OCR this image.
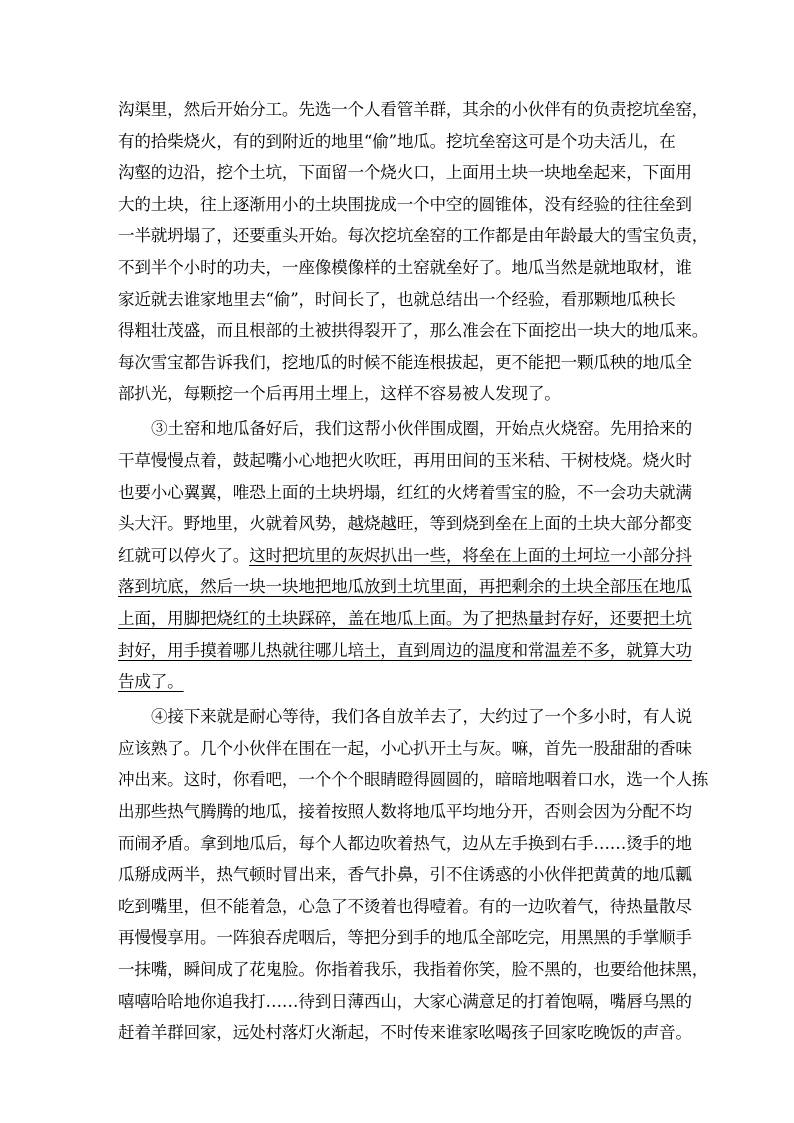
沟渠里，然后开始分工。先选一个人看管羊群，其余的小伙伴有的负责挖坑垒窑，
有的拾柴烧火，有的到附近的地里“偷”地瓜。挖坑垒窑这可是个功夫活儿，在
沟壑的边沿，挖个土坑，下面留一个烧火口，上面用土块一块地垒起来，下面用
大的土块，往上逐渐用小的土块围拢成一个中空的圆锥体，没有经验的往往垒到
一半就坍塌了，还要重头开始。每次挖坑垒窑的工作都是由年龄最大的雪宝负责，
不到半个小时的功夫，一座像模像样的土窑就垒好了。地瓜当然是就地取材，谁
家近就去谁家地里去“偷”，时间长了，也就总结出一个经验，看那颗地瓜秧长
得粗壮茂盛，而且根部的土被拱得裂开了，那么准会在下面挖出一块大的地瓜来。
每次雪宝都告诉我们，挖地瓜的时候不能连根拔起，更不能把一颗瓜秧的地瓜全
部扒光，每颗挖一个后再用土埋上，这样不容易被人发现了。
③土窑和地瓜备好后，我们这帮小伙伴围成圈，开始点火烧窑。先用拾来的
干草慢慢点着，鼓起嘴小心地把火吹旺，再用田间的玉米秸、干树枝烧。烧火时
也要小心翼翼，唯恐上面的土块坍塌，红红的火烤着雪宝的脸，不一会功夫就满
头大汗。野地里，火就着风势，越烧越旺，等到烧到垒在上面的土块大部分都变
红就可以停火了。这时把坑里的灰烬扒出一些，将垒在上面的土坷垃一小部分抖
落到坑底，然后一块一块地把地瓜放到土坑里面，再把剩余的土块全部压在地瓜
上面，用脚把烧红的土块踩碎，盖在地瓜上面。为了把热量封存好，还要把土坑
封好，用手摸着哪儿热就往哪儿培土，直到周边的温度和常温差不多，就算大功
告成了。
④接下来就是耐心等待，我们各自放羊去了，大约过了一个多小时，有人说
应该熟了。几个小伙伴在围在一起，小心扒开土与灰。嘛，首先一股甜甜的香味
冲出来。这时，你看吧，一个个个眼睛瞪得圆圆的，暗暗地咽着口水，选一个人拣
出那些热气腾腾的地瓜，接着按照人数将地瓜平均地分开，否则会因为分配不均
而闹矛盾。拿到地瓜后，每个人都边吹着热气，边从左手换到右手……烫手的地
瓜掰成两半，热气顿时冒出来，香气扑鼻，引不住诱惑的小伙伴把黄黄的地瓜瓤
吃到嘴里，但不能着急，心急了不烫着也得噎着。有的一边吹着气，待热量散尽
再慢慢享用。一阵狼吞虎咽后，等把分到手的地瓜全部吃完，用黑黑的手掌顺手
一抹嘴，瞬间成了花鬼脸。你指着我乐，我指着你笑，脸不黑的，也要给他抹黑，
嘻嘻哈哈地你追我打……待到日薄西山，大家心满意足的打着饱嗝，嘴唇乌黑的
赶着羊群回家，远处村落灯火渐起，不时传来谁家吆喝孩子回家吃晚饭的声音。
